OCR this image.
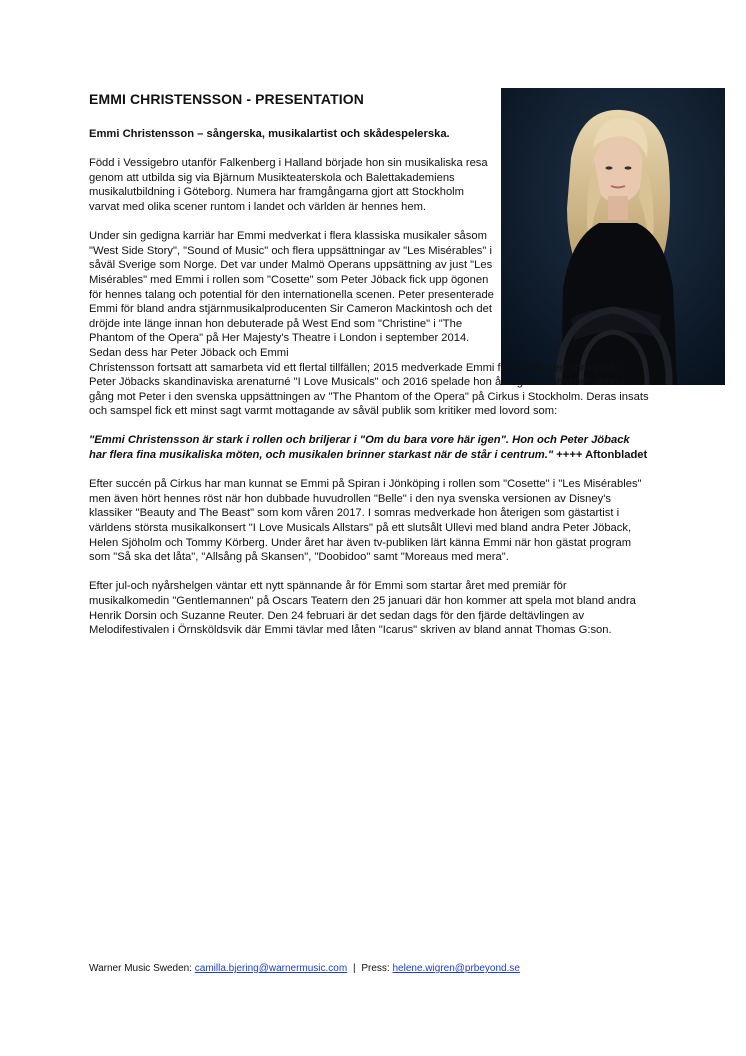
EMMI CHRISTENSSON - PRESENTATION

Emmi Christensson – sångerska, musikalartist och skådespelerska.

Född i Vessigebro utanför Falkenberg i Halland började hon sin musikaliska resa genom att utbilda sig via Bjärnum Musikteaterskola och Balettakademiens musikalutbildning i Göteborg. Numera har framgångarna gjort att Stockholm varvat med olika scener runtom i landet och världen är hennes hem.

Under sin gedigna karriär har Emmi medverkat i flera klassiska musikaler såsom "West Side Story", "Sound of Music" och flera uppsättningar av "Les Misérables" i såväl Sverige som Norge. Det var under Malmö Operans uppsättning av just "Les Misérables" med Emmi i rollen som "Cosette" som Peter Jöback fick upp ögonen för hennes talang och potential för den internationella scenen. Peter presenterade Emmi för bland andra stjärnmusikalproducenten Sir Cameron Mackintosh och det dröjde inte länge innan hon debuterade på West End som "Christine" i "The Phantom of the Opera" på Her Majesty's Theatre i London i september 2014. Sedan dess har Peter Jöback och Emmi
Christensson fortsatt att samarbeta vid ett flertal tillfällen; 2015 medverkade Emmi första gången som gäst i Peter Jöbacks skandinaviska arenaturné "I Love Musicals" och 2016 spelade hon återigen "Christine" denna gång mot Peter i den svenska uppsättningen av "The Phantom of the Opera" på Cirkus i Stockholm. Deras insats och samspel fick ett minst sagt varmt mottagande av såväl publik som kritiker med lovord som:

"Emmi Christensson är stark i rollen och briljerar i "Om du bara vore här igen". Hon och Peter Jöback har flera fina musikaliska möten, och musikalen brinner starkast när de står i centrum." ++++ Aftonbladet

Efter succén på Cirkus har man kunnat se Emmi på Spiran i Jönköping i rollen som "Cosette" i "Les Misérables" men även hört hennes röst när hon dubbade huvudrollen "Belle" i den nya svenska versionen av Disney's klassiker "Beauty and The Beast" som kom våren 2017. I somras medverkade hon återigen som gästartist i världens största musikalkonsert "I Love Musicals Allstars" på ett slutsålt Ullevi med bland andra Peter Jöback, Helen Sjöholm och Tommy Körberg. Under året har även tv-publiken lärt känna Emmi när hon gästat program som "Så ska det låta", "Allsång på Skansen", "Doobidoo" samt "Moreaus med mera".

Efter jul-och nyårshelgen väntar ett nytt spännande år för Emmi som startar året med premiär för musikalkomedin "Gentlemannen" på Oscars Teatern den 25 januari där hon kommer att spela mot bland andra Henrik Dorsin och Suzanne Reuter. Den 24 februari är det sedan dags för den fjärde deltävlingen av Melodifestivalen i Örnsköldsvik där Emmi tävlar med låten "Icarus" skriven av bland annat Thomas G:son.

Warner Music Sweden: camilla.bjering@warnermusic.com | Press: helene.wigren@prbeyond.se
